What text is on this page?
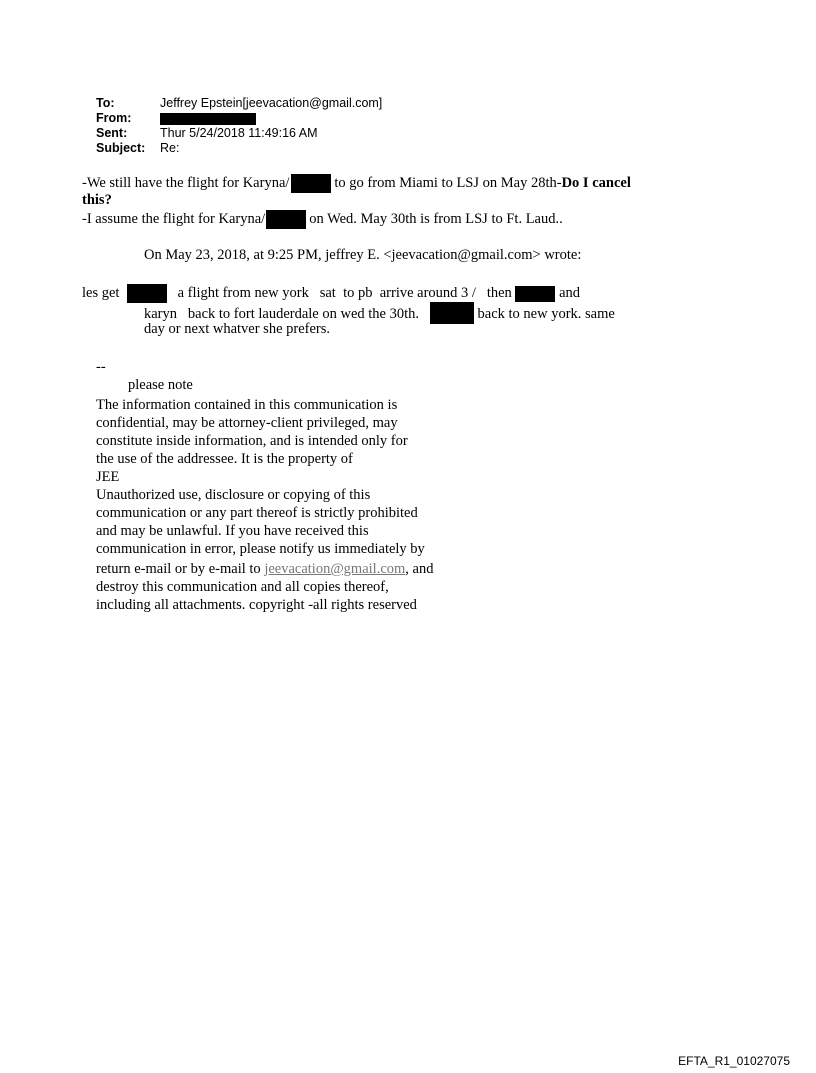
To:	Jeffrey Epstein[jeevacation@gmail.com]
From:
Sent:	Thur 5/24/2018 11:49:16 AM
Subject:	Re:
-We still have the flight for Karyna/	to go from Miami to LSJ on May 28th-Do I cancel
this?
-I assume the flight for Karyna/	on Wed. May 30th is from LSJ to Ft. Laud..
On May 23, 2018, at 9:25 PM, jeffrey E. <jeevacation@gmail.com> wrote:
les get	a flight from new york   sat  to pb  arrive around 3 /   then	and
karyn   back to fort lauderdale on wed the 30th.	back to new york. same
day or next whatver she prefers.
--
please note
The information contained in this communication is
confidential, may be attorney-client privileged, may
constitute inside information, and is intended only for
the use of the addressee. It is the property of
JEE
Unauthorized use, disclosure or copying of this
communication or any part thereof is strictly prohibited
and may be unlawful. If you have received this
communication in error, please notify us immediately by
return e-mail or by e-mail to jeevacation@gmail.com, and
destroy this communication and all copies thereof,
including all attachments. copyright -all rights reserved
EFTA_R1_01027075
